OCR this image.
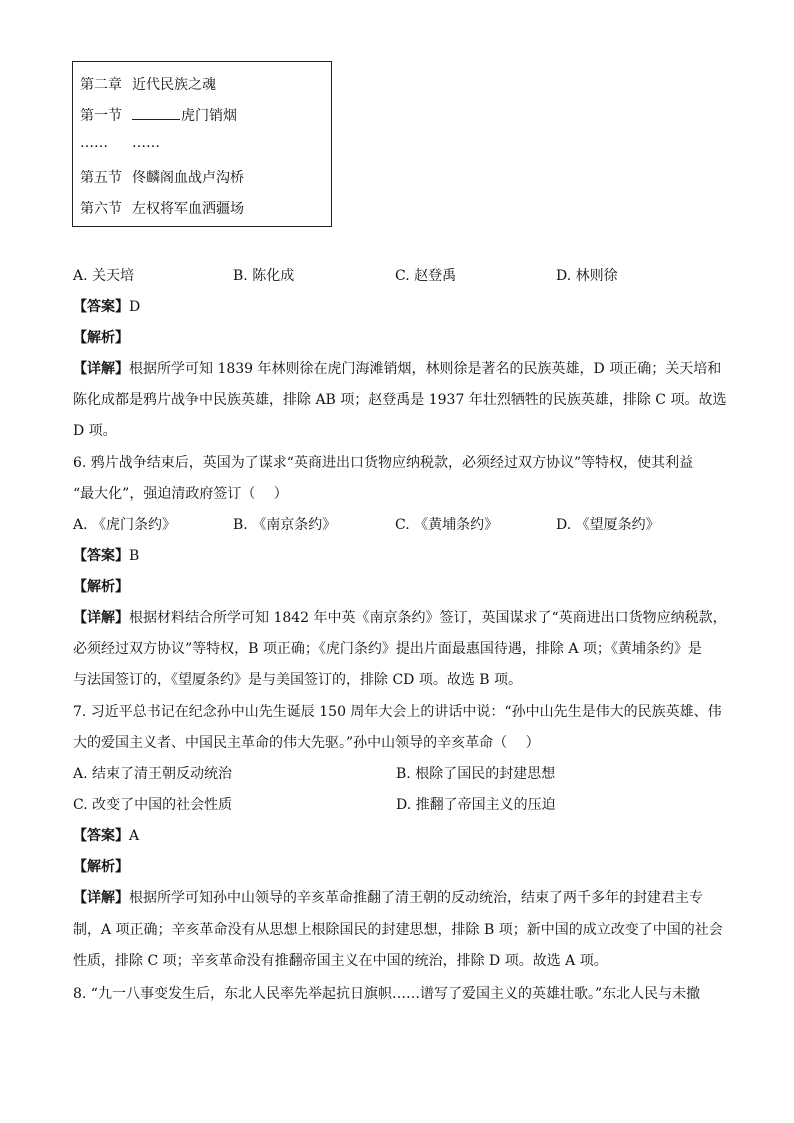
第二章 近代民族之魂
第一节	虎门销烟
…… ……
第五节 佟麟阁血战卢沟桥
第六节 左权将军血洒疆场
A. 关天培	B. 陈化成	C. 赵登禹	D. 林则徐
【答案】D
【解析】
【详解】根据所学可知 1839 年林则徐在虎门海滩销烟，林则徐是著名的民族英雄，D 项正确；关天培和
陈化成都是鸦片战争中民族英雄，排除 AB 项；赵登禹是 1937 年壮烈牺牲的民族英雄，排除 C 项。故选
D 项。
6. 鸦片战争结束后，英国为了谋求“英商进出口货物应纳税款，必须经过双方协议”等特权，使其利益
“最大化”，强迫清政府签订（　 ）
A. 《虎门条约》	B. 《南京条约》	C. 《黄埔条约》	D. 《望厦条约》
【答案】B
【解析】
【详解】根据材料结合所学可知 1842 年中英《南京条约》签订，英国谋求了“英商进出口货物应纳税款，
必须经过双方协议”等特权，B 项正确；《虎门条约》提出片面最惠国待遇，排除 A 项；《黄埔条约》是
与法国签订的，《望厦条约》是与美国签订的，排除 CD 项。故选 B 项。
7. 习近平总书记在纪念孙中山先生诞辰 150 周年大会上的讲话中说：“孙中山先生是伟大的民族英雄、伟
大的爱国主义者、中国民主革命的伟大先驱。”孙中山领导的辛亥革命（　 ）
A. 结束了清王朝反动统治	B. 根除了国民的封建思想
C. 改变了中国的社会性质	D. 推翻了帝国主义的压迫
【答案】A
【解析】
【详解】根据所学可知孙中山领导的辛亥革命推翻了清王朝的反动统治，结束了两千多年的封建君主专
制，A 项正确；辛亥革命没有从思想上根除国民的封建思想，排除 B 项；新中国的成立改变了中国的社会
性质，排除 C 项；辛亥革命没有推翻帝国主义在中国的统治，排除 D 项。故选 A 项。
8. “九一八事变发生后，东北人民率先举起抗日旗帜……谱写了爱国主义的英雄壮歌。”东北人民与未撤
